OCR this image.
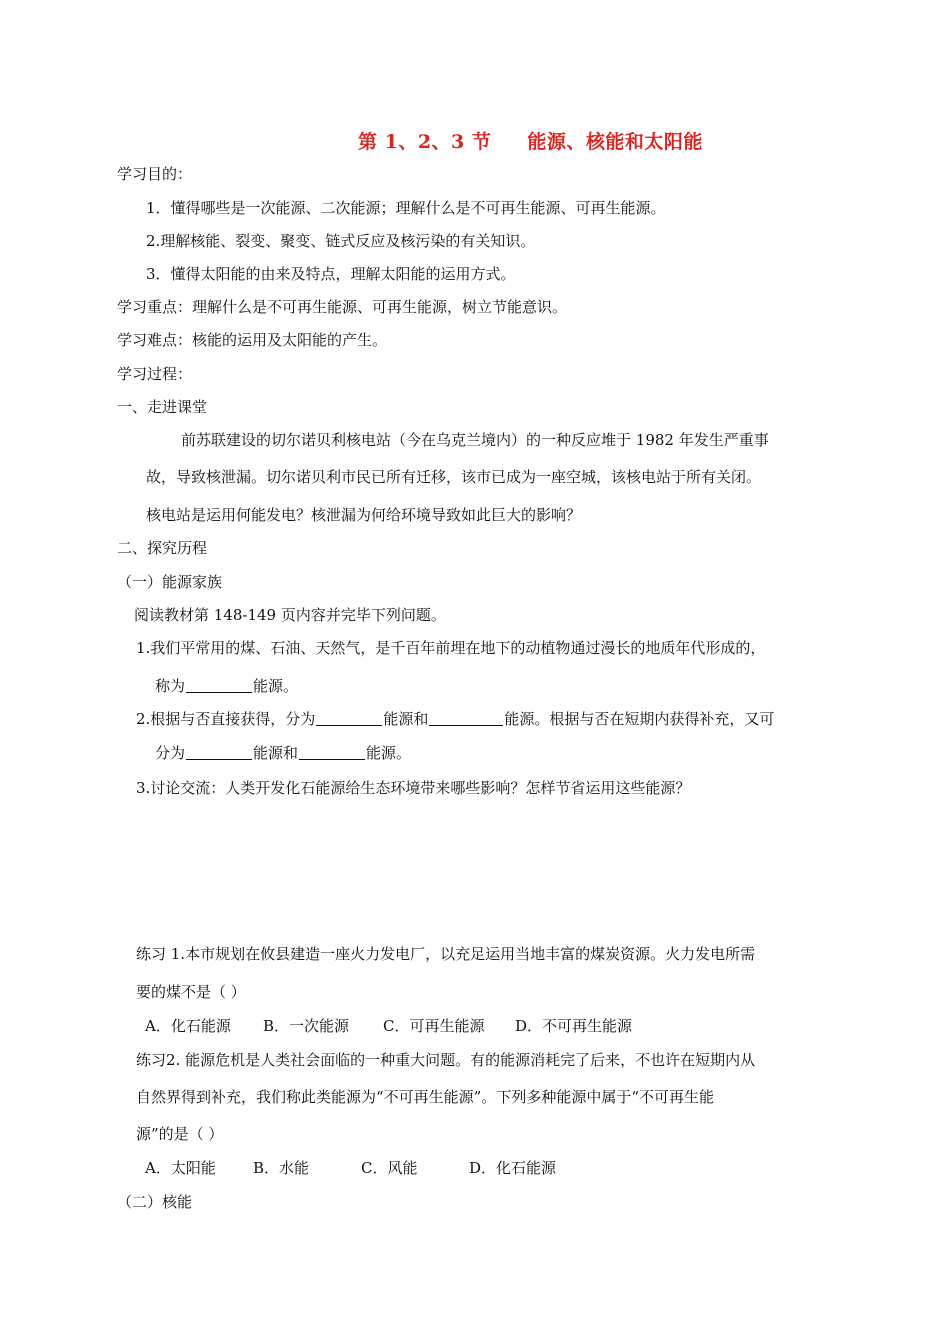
第 1、2、3 节 能源、核能和太阳能
学习目的：
1．懂得哪些是一次能源、二次能源；理解什么是不可再生能源、可再生能源。
2.理解核能、裂变、聚变、链式反应及核污染的有关知识。
3．懂得太阳能的由来及特点，理解太阳能的运用方式。
学习重点：理解什么是不可再生能源、可再生能源，树立节能意识。
学习难点：核能的运用及太阳能的产生。
学习过程：
一、走进课堂
前苏联建设的切尔诺贝利核电站（今在乌克兰境内）的一种反应堆于 1982 年发生严重事
故，导致核泄漏。切尔诺贝利市民已所有迁移，该市已成为一座空城，该核电站于所有关闭。
核电站是运用何能发电？核泄漏为何给环境导致如此巨大的影响？
二、探究历程
（一）能源家族
阅读教材第 148-149 页内容并完毕下列问题。
1.我们平常用的煤、石油、天然气，是千百年前埋在地下的动植物通过漫长的地质年代形成的，
称为	能源。
2.根据与否直接获得，分为	能源和	能源。根据与否在短期内获得补充，又可
分为	能源和	能源。
3.讨论交流：人类开发化石能源给生态环境带来哪些影响？怎样节省运用这些能源？
练习 1.本市规划在攸县建造一座火力发电厂，以充足运用当地丰富的煤炭资源。火力发电所需
要的煤不是（ ）
A．化石能源 B．一次能源 C．可再生能源 D．不可再生能源
练习2. 能源危机是人类社会面临的一种重大问题。有的能源消耗完了后来，不也许在短期内从
自然界得到补充，我们称此类能源为“不可再生能源”。下列多种能源中属于“不可再生能
源”的是（ ）
A．太阳能 B．水能	C．风能	D．化石能源
（二）核能
